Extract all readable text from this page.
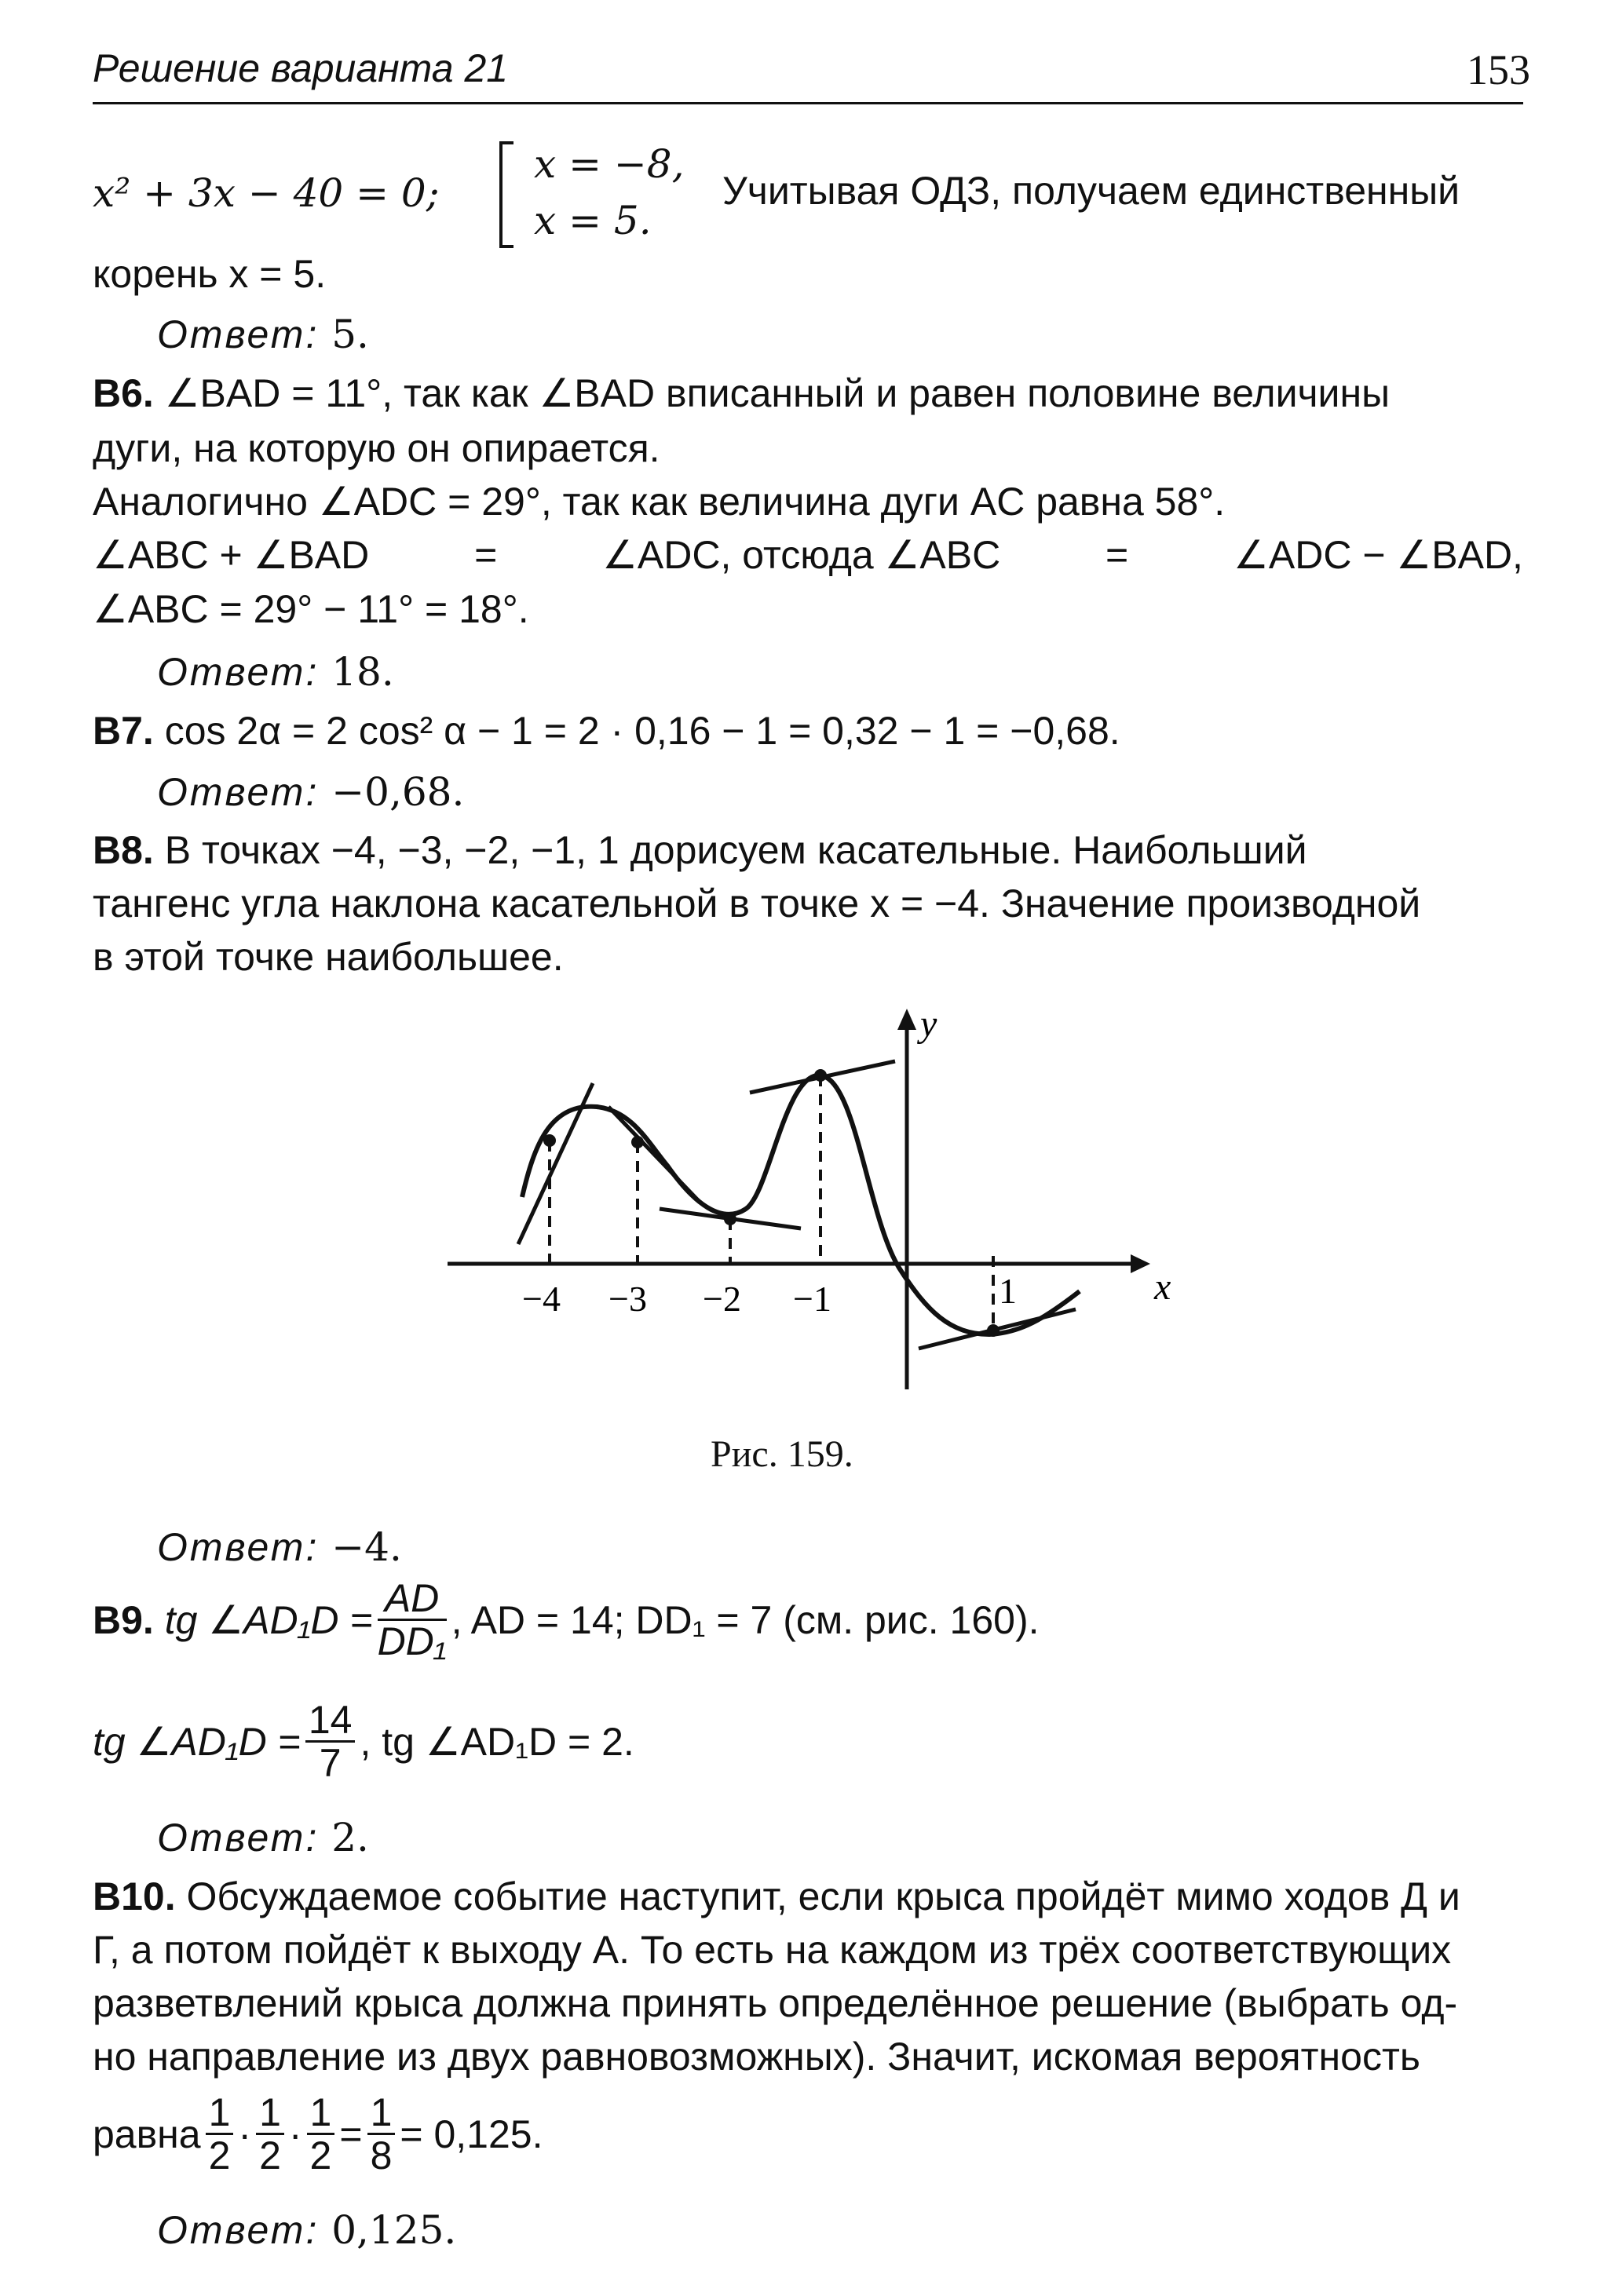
Решение варианта 21	153
x² + 3x − 40 = 0;
x = −8,
x = 5.
Учитывая ОДЗ, получаем единственный
корень x = 5.
Ответ: 5.
B6. ∠BAD = 11°, так как ∠BAD вписанный и равен половине величины
дуги, на которую он опирается.
Аналогично ∠ADC = 29°, так как величина дуги AC равна 58°.
∠ABC + ∠BAD	=	∠ADC, отсюда ∠ABC	=	∠ADC − ∠BAD,
∠ABC = 29° − 11° = 18°.
Ответ: 18.
B7. cos 2α = 2 cos² α − 1 = 2 · 0,16 − 1 = 0,32 − 1 = −0,68.
Ответ: −0,68.
B8. В точках −4, −3, −2, −1, 1 дорисуем касательные. Наибольший
тангенс угла наклона касательной в точке x = −4. Значение производной
в этой точке наибольшее.
x
y
−4 −3 −2 −1	1
Рис. 159.
Ответ: −4.
B9.
tg ∠AD₁D = $\frac{AD}{\text{DD₁}}$ , AD = 14; DD₁ = 7 (см. рис. 160).
tg ∠AD₁D = $\frac{14}{7}$ , tg ∠AD₁D = 2.
Ответ: 2.
B10. Обсуждаемое событие наступит, если крыса пройдёт мимо ходов Д и
Г, а потом пойдёт к выходу А. То есть на каждом из трёх соответствующих
разветвлений крыса должна принять определённое решение (выбрать од-
но направление из двух равновозможных). Значит, искомая вероятность
равна $\frac{1}{2} \cdot \frac{1}{2} \cdot \frac{1}{2} = \frac{1}{8} = 0,125$.
Ответ: 0,125.
